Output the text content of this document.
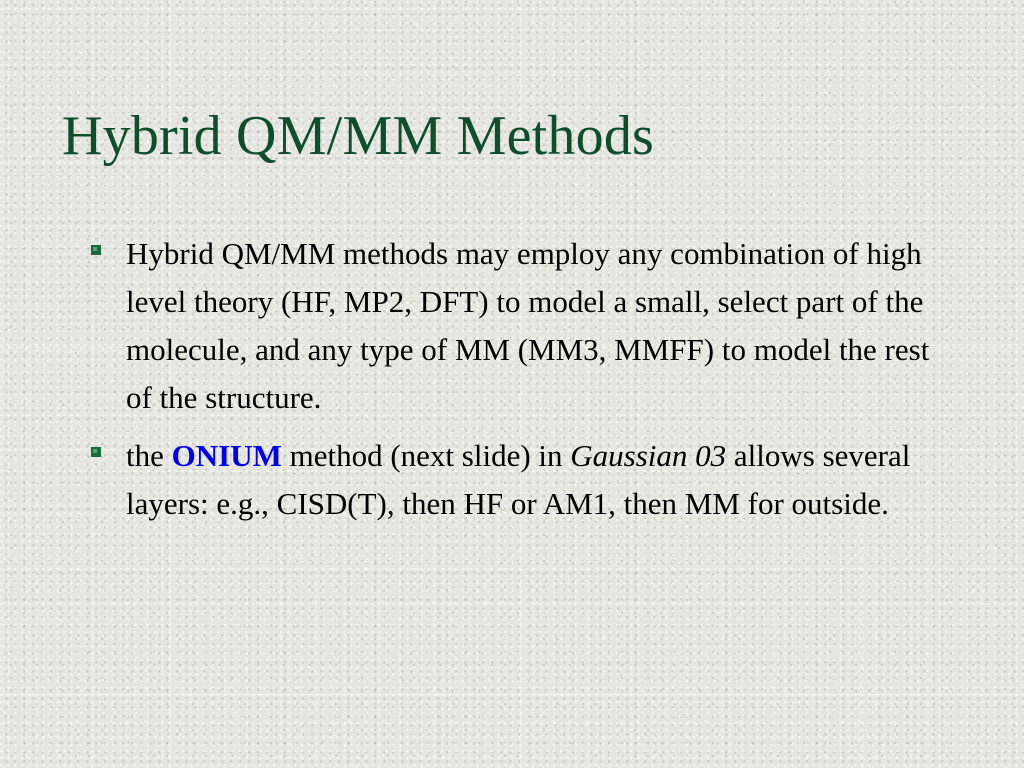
Hybrid QM/MM Methods
Hybrid QM/MM methods may employ any combination of high level theory (HF, MP2, DFT) to model a small, select part of the molecule, and any type of MM (MM3, MMFF) to model the rest of the structure.
the ONIUM method (next slide) in Gaussian 03 allows several layers: e.g., CISD(T), then HF or AM1, then MM for outside.
